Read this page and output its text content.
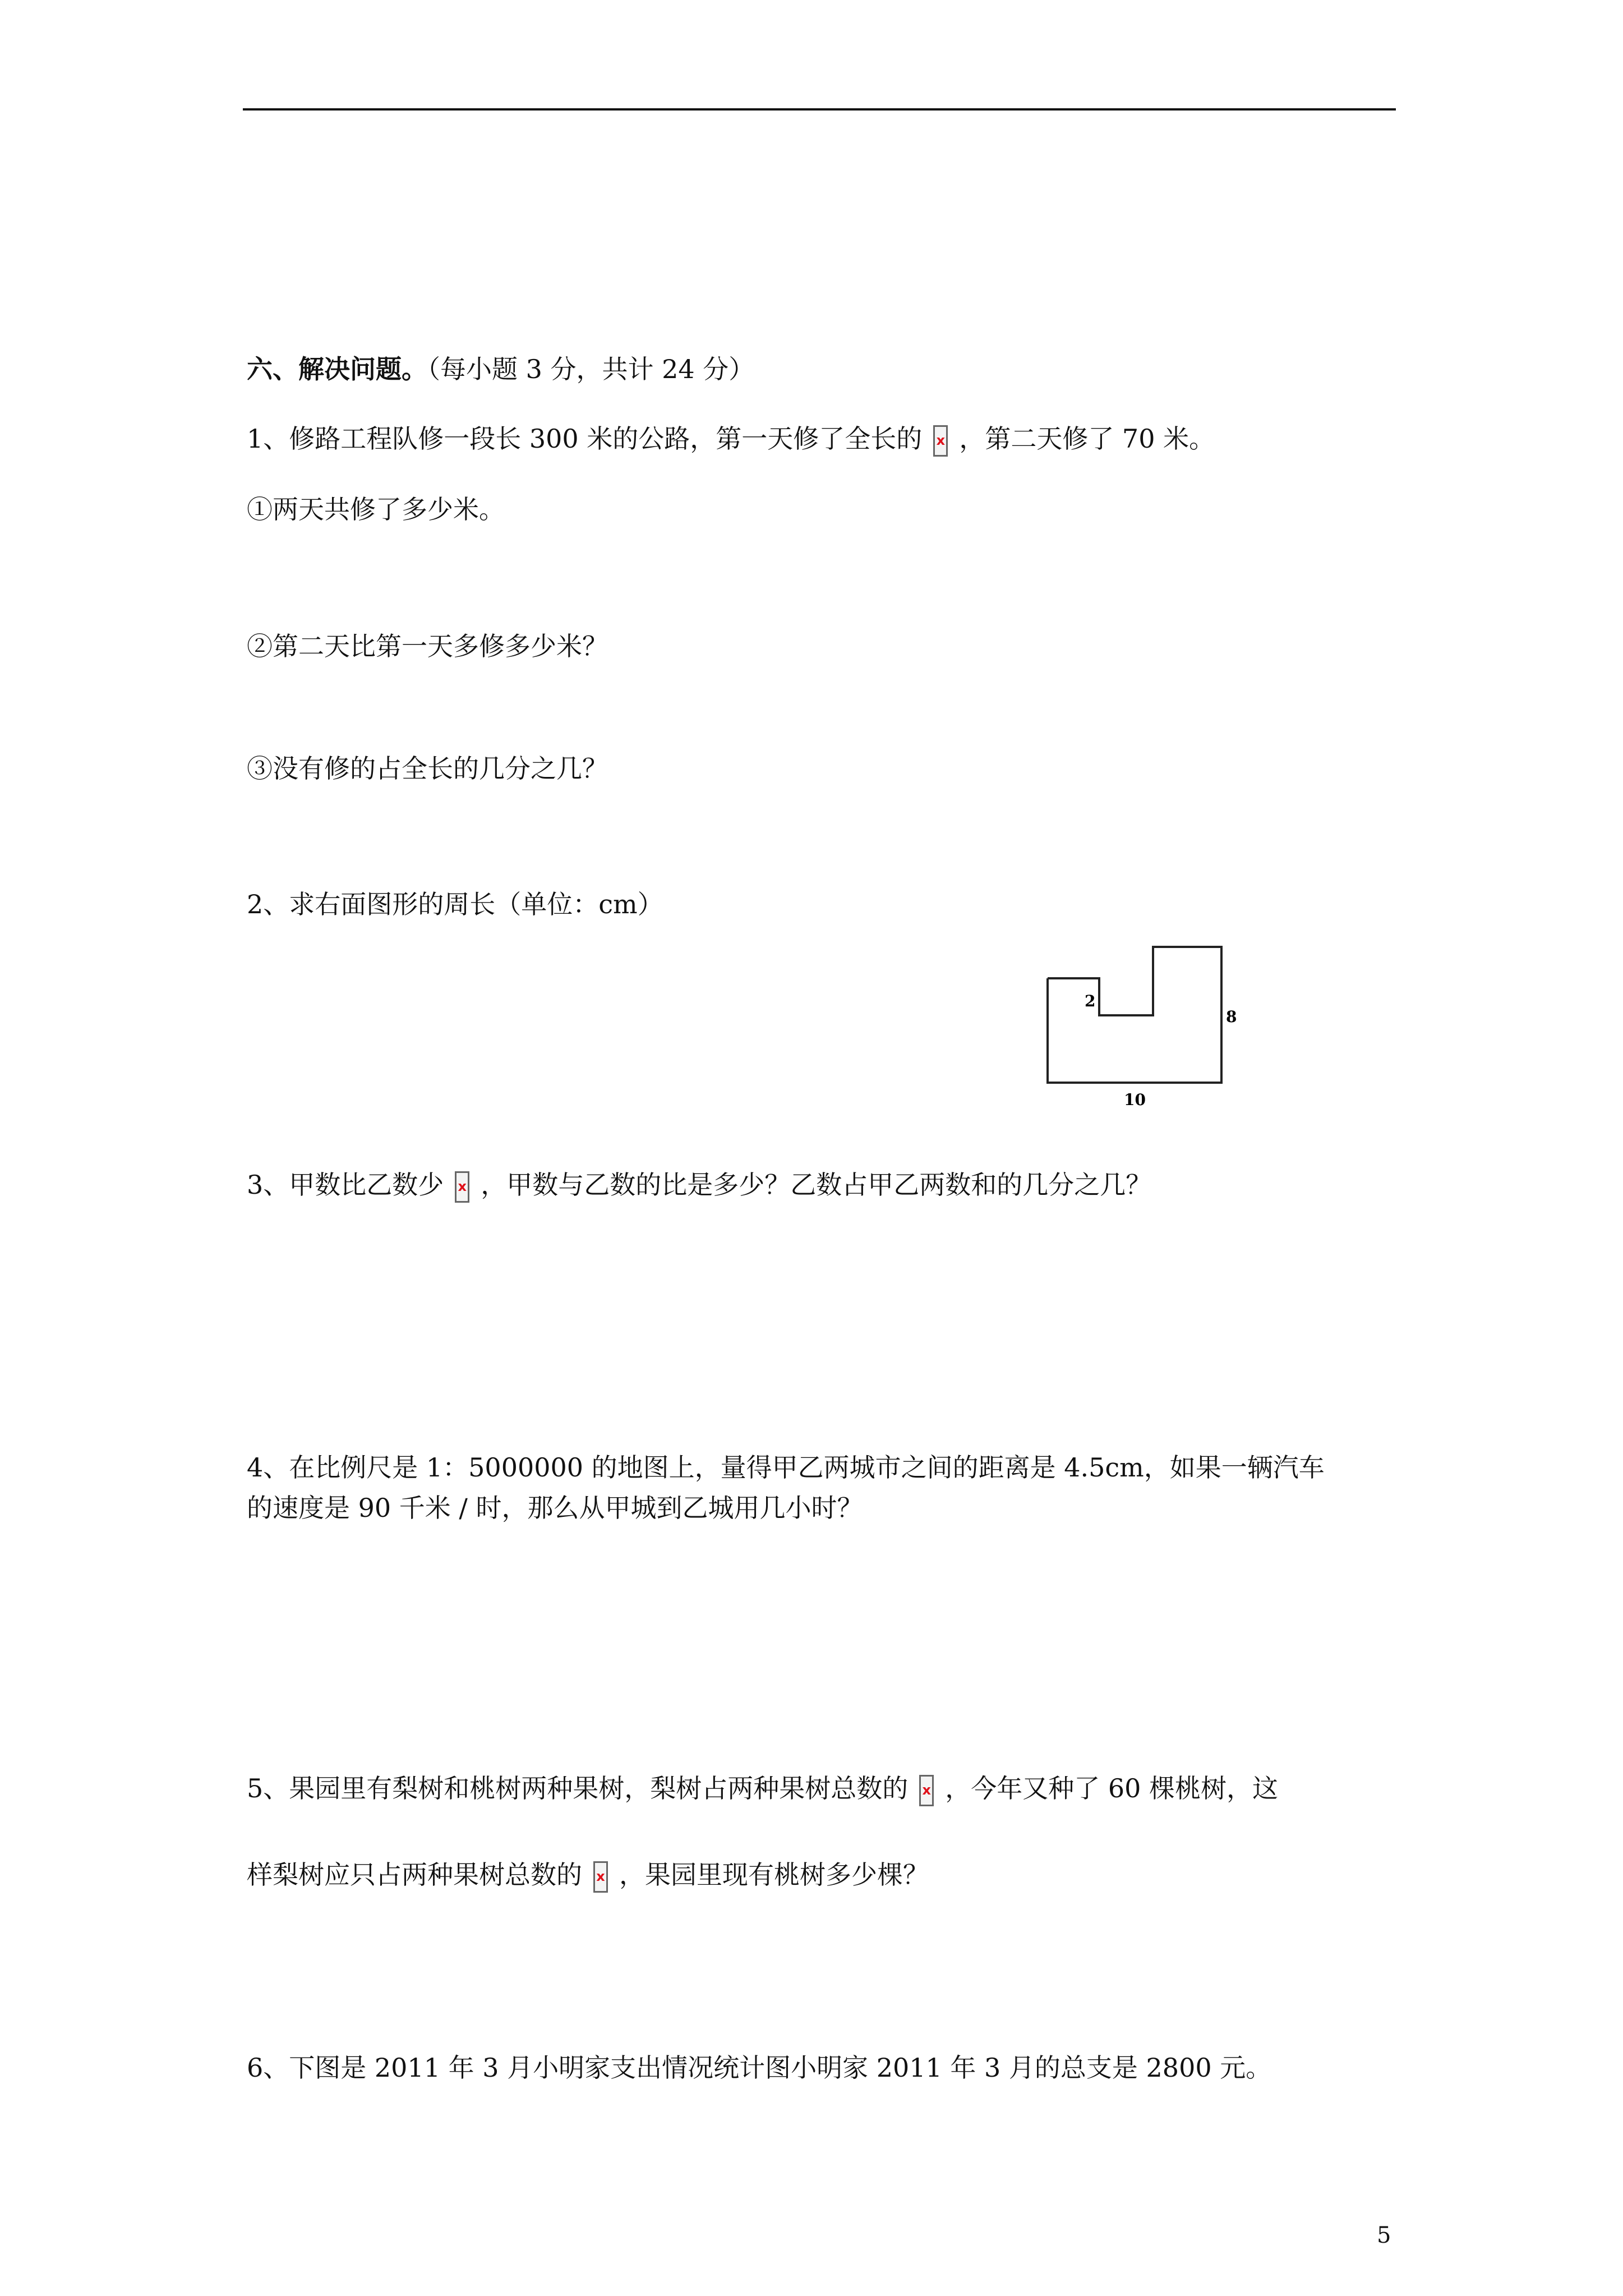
六、解决问题。（每小题 3 分，共计 24 分）
1、修路工程队修一段长 300 米的公路，第一天修了全长的 x ，第二天修了 70 米。
①两天共修了多少米。
②第二天比第一天多修多少米？
③没有修的占全长的几分之几？
2、求右面图形的周长（单位：cm）
2
8
10
3、甲数比乙数少 x ，甲数与乙数的比是多少？乙数占甲乙两数和的几分之几？
4、在比例尺是 1：5000000 的地图上，量得甲乙两城市之间的距离是 4.5cm，如果一辆汽车
的速度是 90 千米 / 时，那么从甲城到乙城用几小时？
5、果园里有梨树和桃树两种果树，梨树占两种果树总数的 x ，今年又种了 60 棵桃树，这
样梨树应只占两种果树总数的 x ，果园里现有桃树多少棵？
6、下图是 2011 年 3 月小明家支出情况统计图小明家 2011 年 3 月的总支是 2800 元。
5
